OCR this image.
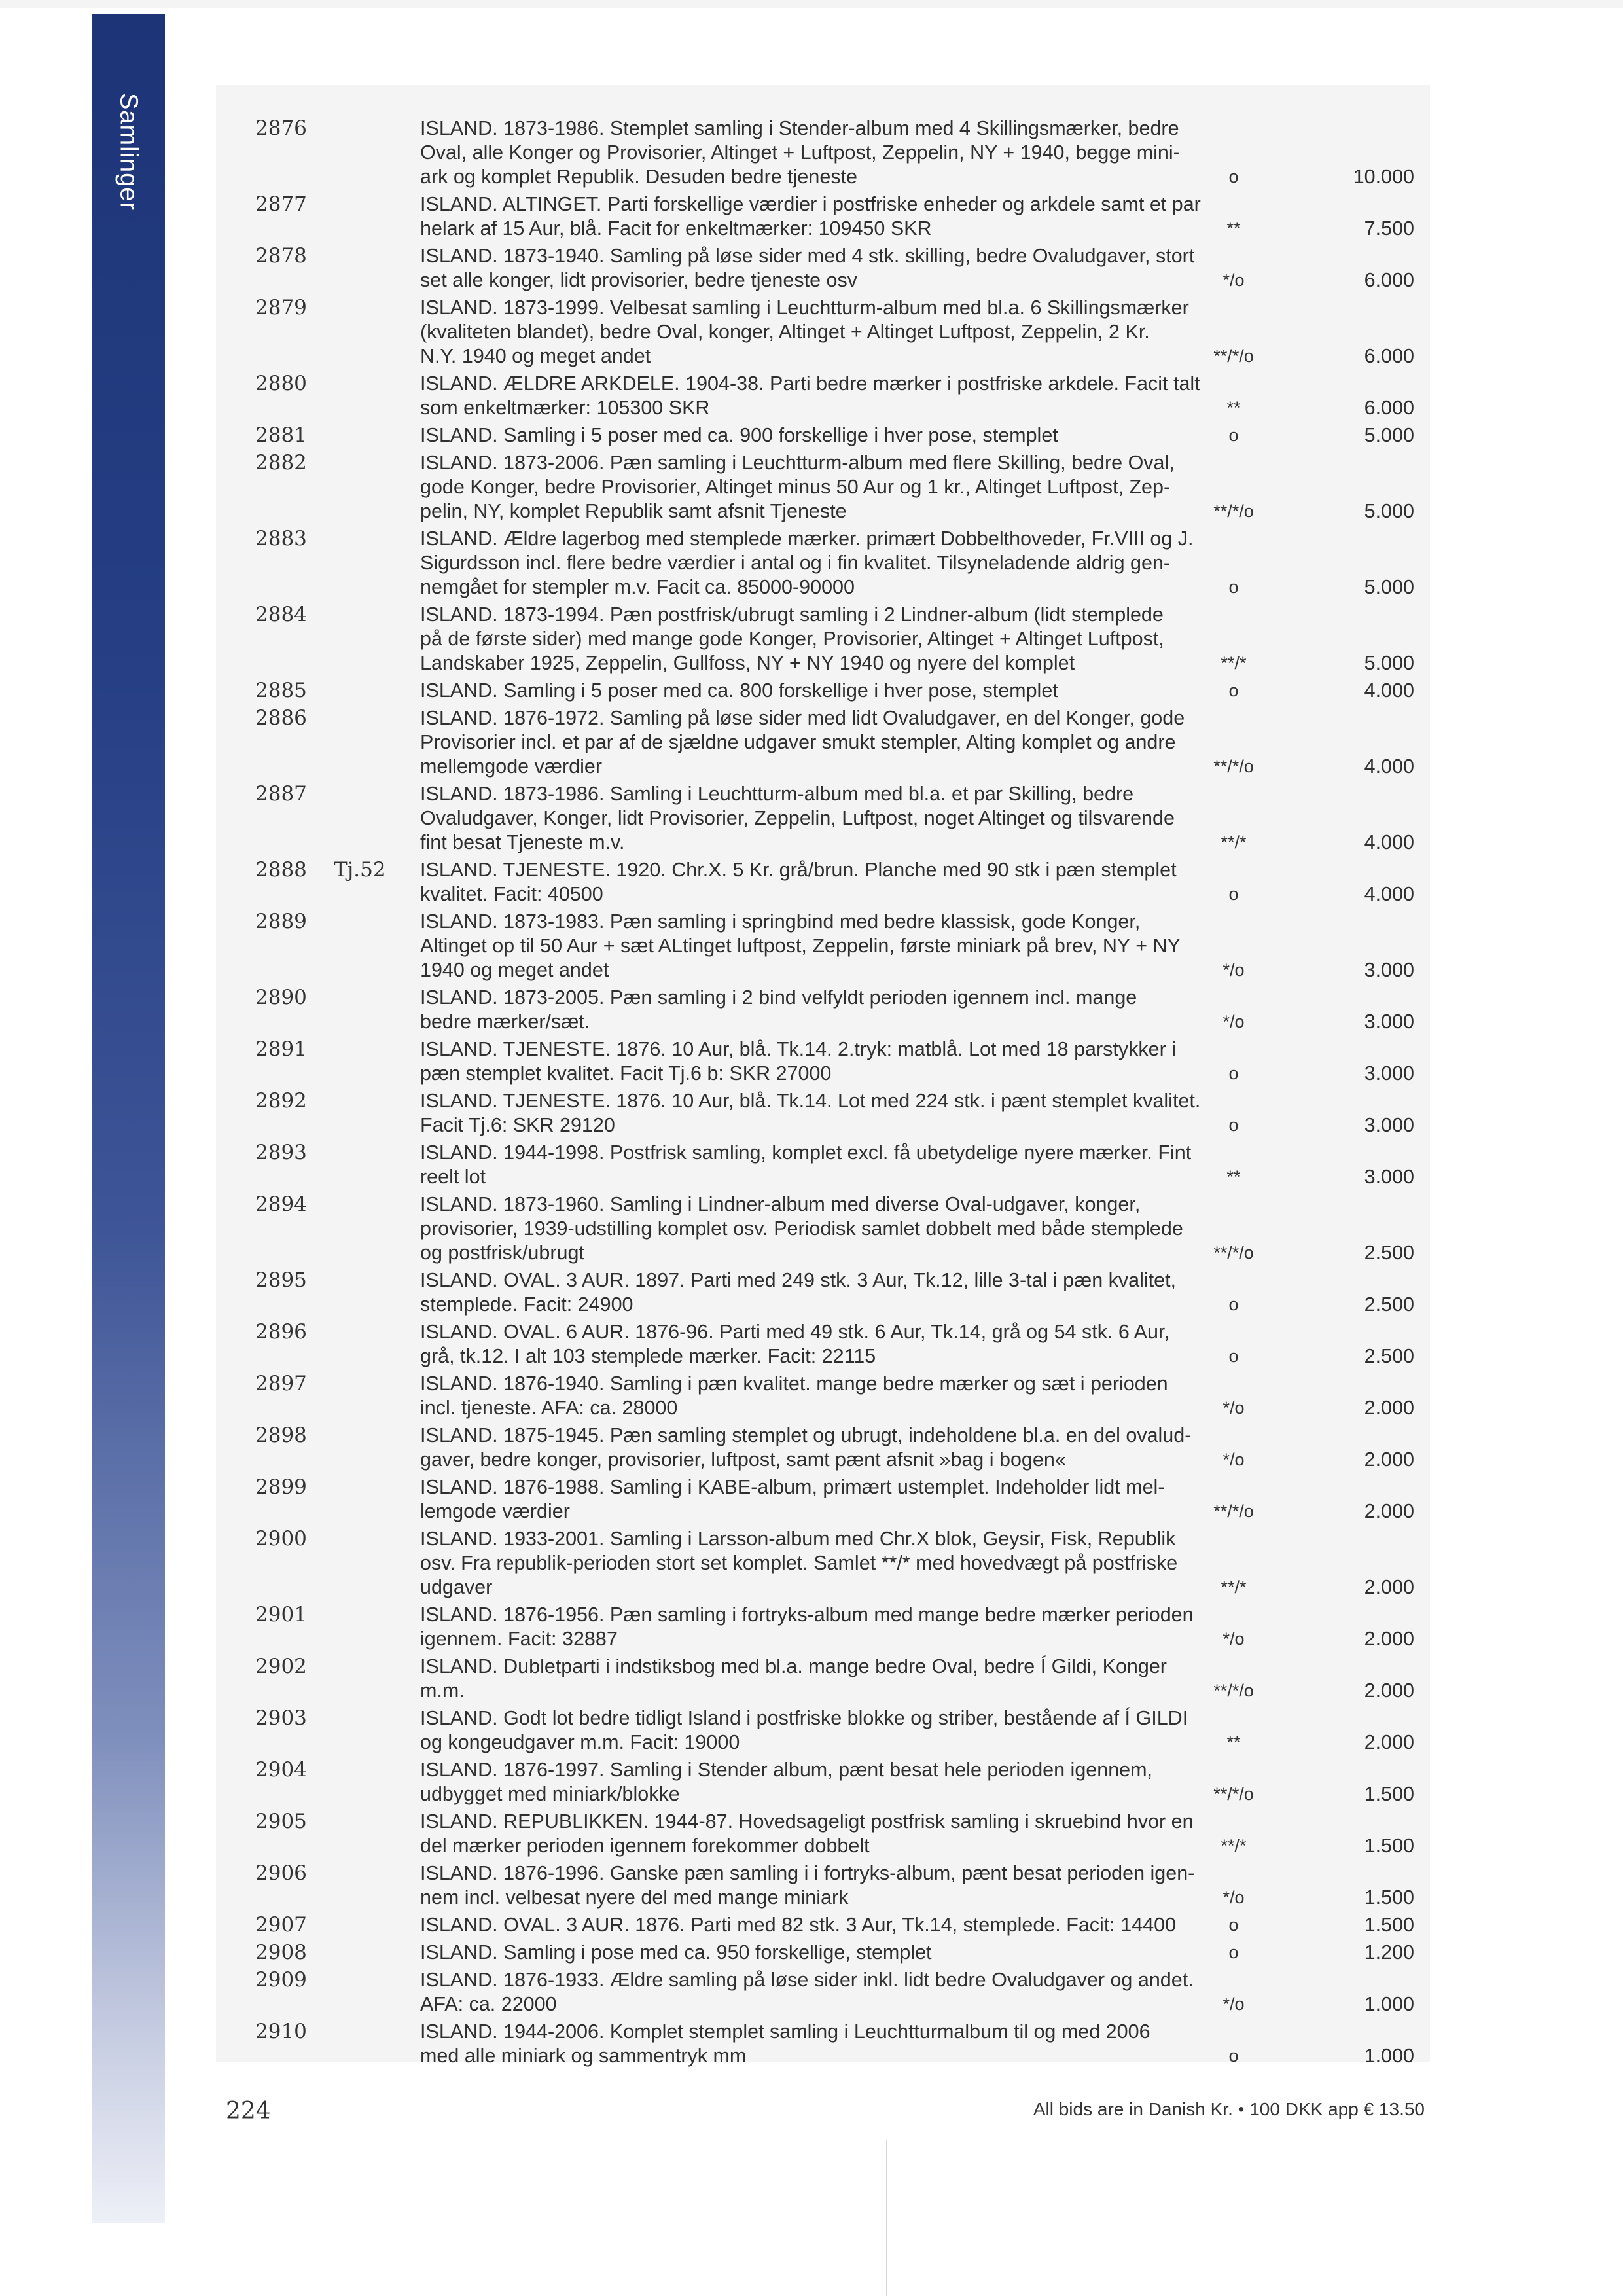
Samlinger	2876	ISLAND. 1873-1986. Stemplet samling i Stender-album med 4 Skillingsmærker, bedre
Oval, alle Konger og Provisorier, Altinget + Luftpost, Zeppelin, NY + 1940, begge mini-
ark og komplet Republik. Desuden bedre tjeneste	o	10.000
2877	ISLAND. ALTINGET. Parti forskellige værdier i postfriske enheder og arkdele samt et par
helark af 15 Aur, blå. Facit for enkeltmærker: 109450 SKR	**	7.500
2878	ISLAND. 1873-1940. Samling på løse sider med 4 stk. skilling, bedre Ovaludgaver, stort
set alle konger, lidt provisorier, bedre tjeneste osv	*/o	6.000
2879	ISLAND. 1873-1999. Velbesat samling i Leuchtturm-album med bl.a. 6 Skillingsmærker
(kvaliteten blandet), bedre Oval, konger, Altinget + Altinget Luftpost, Zeppelin, 2 Kr.
N.Y. 1940 og meget andet	**/*/o	6.000
2880	ISLAND. ÆLDRE ARKDELE. 1904-38. Parti bedre mærker i postfriske arkdele. Facit talt
som enkeltmærker: 105300 SKR	**	6.000
2881	ISLAND. Samling i 5 poser med ca. 900 forskellige i hver pose, stemplet	o	5.000
2882	ISLAND. 1873-2006. Pæn samling i Leuchtturm-album med flere Skilling, bedre Oval,
gode Konger, bedre Provisorier, Altinget minus 50 Aur og 1 kr., Altinget Luftpost, Zep-
pelin, NY, komplet Republik samt afsnit Tjeneste	**/*/o	5.000
2883	ISLAND. Ældre lagerbog med stemplede mærker. primært Dobbelthoveder, Fr.VIII og J.
Sigurdsson incl. flere bedre værdier i antal og i fin kvalitet. Tilsyneladende aldrig gen-
nemgået for stempler m.v. Facit ca. 85000-90000	o	5.000
2884	ISLAND. 1873-1994. Pæn postfrisk/ubrugt samling i 2 Lindner-album (lidt stemplede
på de første sider) med mange gode Konger, Provisorier, Altinget + Altinget Luftpost,
Landskaber 1925, Zeppelin, Gullfoss, NY + NY 1940 og nyere del komplet	**/*	5.000
2885	ISLAND. Samling i 5 poser med ca. 800 forskellige i hver pose, stemplet	o	4.000
2886	ISLAND. 1876-1972. Samling på løse sider med lidt Ovaludgaver, en del Konger, gode
Provisorier incl. et par af de sjældne udgaver smukt stempler, Alting komplet og andre
mellemgode værdier	**/*/o	4.000
2887	ISLAND. 1873-1986. Samling i Leuchtturm-album med bl.a. et par Skilling, bedre
Ovaludgaver, Konger, lidt Provisorier, Zeppelin, Luftpost, noget Altinget og tilsvarende
fint besat Tjeneste m.v.	**/*	4.000
2888 Tj.52 ISLAND. TJENESTE. 1920. Chr.X. 5 Kr. grå/brun. Planche med 90 stk i pæn stemplet
kvalitet. Facit: 40500	o	4.000
2889	ISLAND. 1873-1983. Pæn samling i springbind med bedre klassisk, gode Konger,
Altinget op til 50 Aur + sæt ALtinget luftpost, Zeppelin, første miniark på brev, NY + NY
1940 og meget andet	*/o	3.000
2890	ISLAND. 1873-2005. Pæn samling i 2 bind velfyldt perioden igennem incl. mange
bedre mærker/sæt.	*/o	3.000
2891	ISLAND. TJENESTE. 1876. 10 Aur, blå. Tk.14. 2.tryk: matblå. Lot med 18 parstykker i
pæn stemplet kvalitet. Facit Tj.6 b: SKR 27000	o	3.000
2892	ISLAND. TJENESTE. 1876. 10 Aur, blå. Tk.14. Lot med 224 stk. i pænt stemplet kvalitet.
Facit Tj.6: SKR 29120	o	3.000
2893	ISLAND. 1944-1998. Postfrisk samling, komplet excl. få ubetydelige nyere mærker. Fint
reelt lot	**	3.000
2894	ISLAND. 1873-1960. Samling i Lindner-album med diverse Oval-udgaver, konger,
provisorier, 1939-udstilling komplet osv. Periodisk samlet dobbelt med både stemplede
og postfrisk/ubrugt	**/*/o	2.500
2895	ISLAND. OVAL. 3 AUR. 1897. Parti med 249 stk. 3 Aur, Tk.12, lille 3-tal i pæn kvalitet,
stemplede. Facit: 24900	o	2.500
2896	ISLAND. OVAL. 6 AUR. 1876-96. Parti med 49 stk. 6 Aur, Tk.14, grå og 54 stk. 6 Aur,
grå, tk.12. I alt 103 stemplede mærker. Facit: 22115	o	2.500
2897	ISLAND. 1876-1940. Samling i pæn kvalitet. mange bedre mærker og sæt i perioden
incl. tjeneste. AFA: ca. 28000	*/o	2.000
2898	ISLAND. 1875-1945. Pæn samling stemplet og ubrugt, indeholdene bl.a. en del ovalud-
gaver, bedre konger, provisorier, luftpost, samt pænt afsnit »bag i bogen«	*/o	2.000
2899	ISLAND. 1876-1988. Samling i KABE-album, primært ustemplet. Indeholder lidt mel-
lemgode værdier	**/*/o	2.000
2900	ISLAND. 1933-2001. Samling i Larsson-album med Chr.X blok, Geysir, Fisk, Republik
osv. Fra republik-perioden stort set komplet. Samlet **/* med hovedvægt på postfriske
udgaver	**/*	2.000
2901	ISLAND. 1876-1956. Pæn samling i fortryks-album med mange bedre mærker perioden
igennem. Facit: 32887	*/o	2.000
2902	ISLAND. Dubletparti i indstiksbog med bl.a. mange bedre Oval, bedre Í Gildi, Konger
m.m.	**/*/o	2.000
2903	ISLAND. Godt lot bedre tidligt Island i postfriske blokke og striber, bestående af Í GILDI
og kongeudgaver m.m. Facit: 19000	**	2.000
2904	ISLAND. 1876-1997. Samling i Stender album, pænt besat hele perioden igennem,
udbygget med miniark/blokke	**/*/o	1.500
2905	ISLAND. REPUBLIKKEN. 1944-87. Hovedsageligt postfrisk samling i skruebind hvor en
del mærker perioden igennem forekommer dobbelt	**/*	1.500
2906	ISLAND. 1876-1996. Ganske pæn samling i i fortryks-album, pænt besat perioden igen-
nem incl. velbesat nyere del med mange miniark	*/o	1.500
2907	ISLAND. OVAL. 3 AUR. 1876. Parti med 82 stk. 3 Aur, Tk.14, stemplede. Facit: 14400	o	1.500
2908	ISLAND. Samling i pose med ca. 950 forskellige, stemplet	o	1.200
2909	ISLAND. 1876-1933. Ældre samling på løse sider inkl. lidt bedre Ovaludgaver og andet.
AFA: ca. 22000	*/o	1.000
2910	ISLAND. 1944-2006. Komplet stemplet samling i Leuchtturmalbum til og med 2006
med alle miniark og sammentryk mm	o	1.000
224	All bids are in Danish Kr. • 100 DKK app € 13.50
